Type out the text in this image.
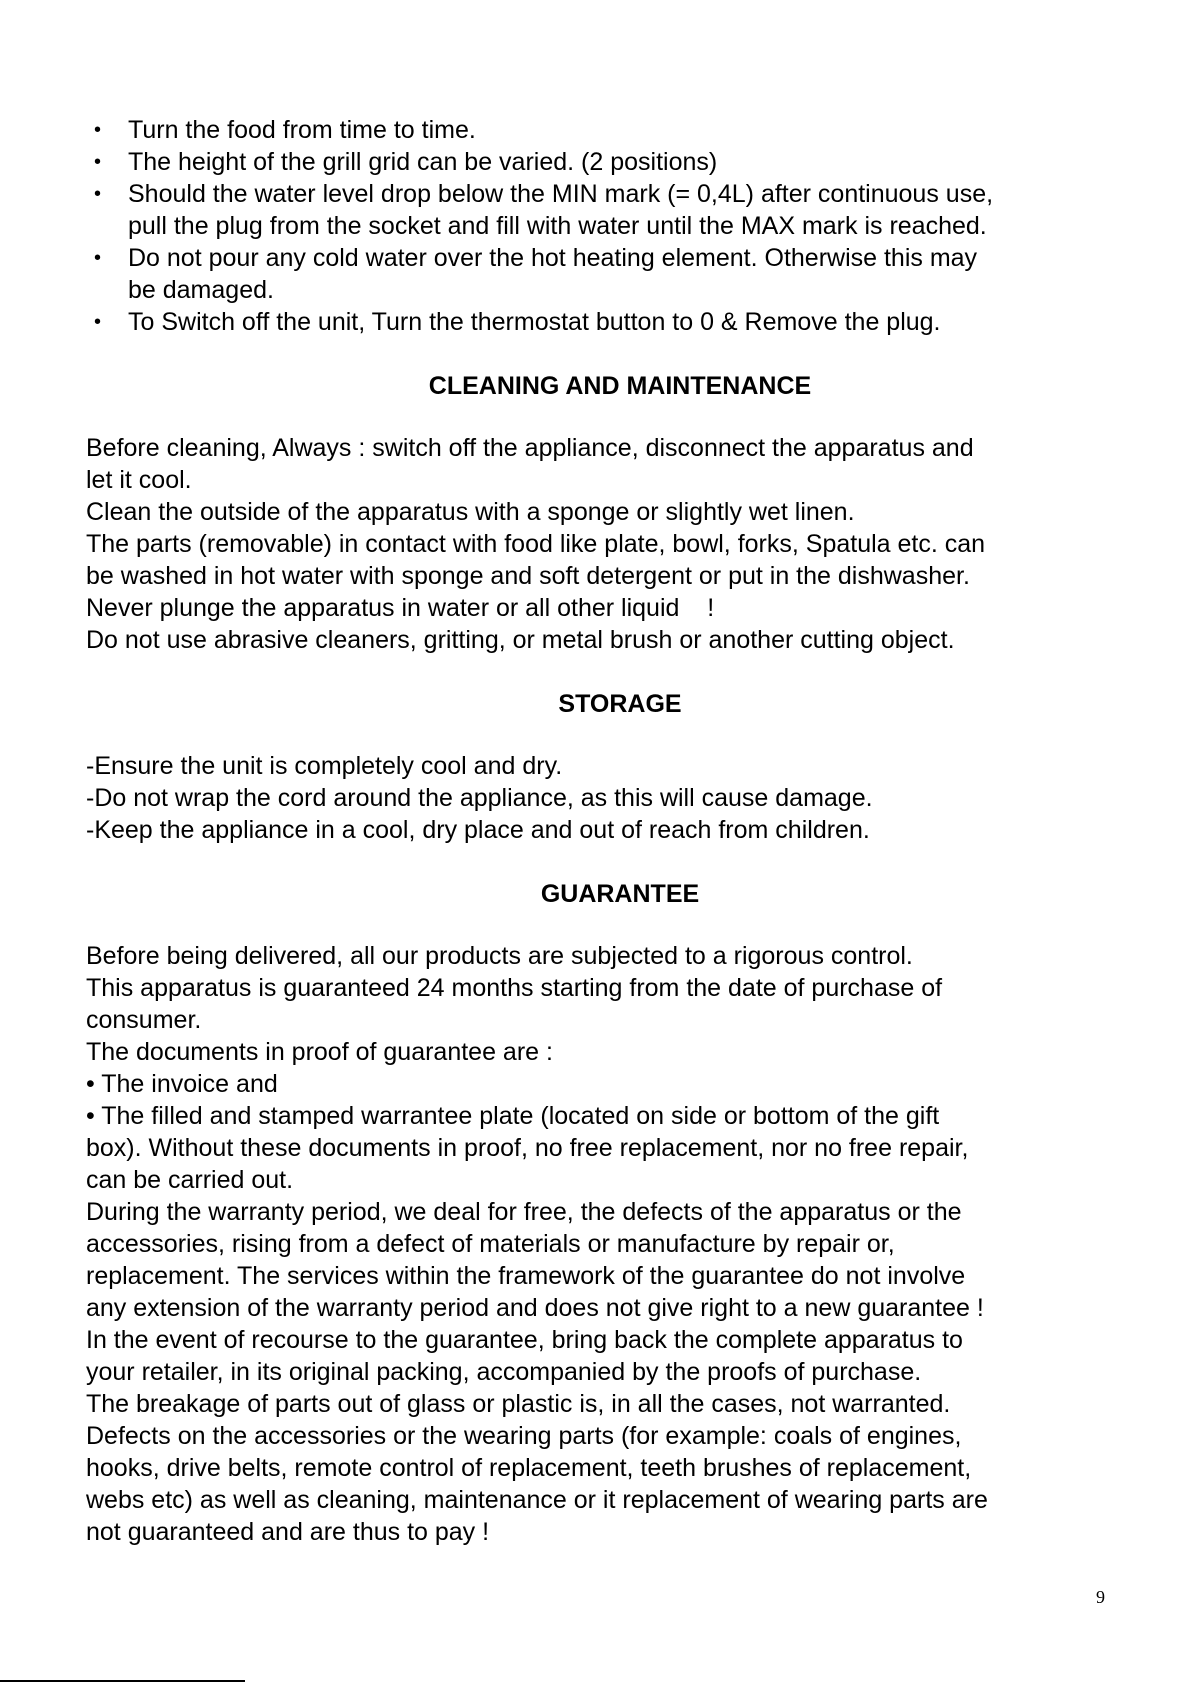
• Turn the food from time to time.
• The height of the grill grid can be varied. (2 positions)
• Should the water level drop below the MIN mark (= 0,4L) after continuous use,
pull the plug from the socket and fill with water until the MAX mark is reached.
• Do not pour any cold water over the hot heating element. Otherwise this may
be damaged.
• To Switch off the unit, Turn the thermostat button to 0 & Remove the plug.
CLEANING AND MAINTENANCE
Before cleaning, Always : switch off the appliance, disconnect the apparatus and
let it cool.
Clean the outside of the apparatus with a sponge or slightly wet linen.
The parts (removable) in contact with food like plate, bowl, forks, Spatula etc. can
be washed in hot water with sponge and soft detergent or put in the dishwasher.
Never plunge the apparatus in water or all other liquid    !
Do not use abrasive cleaners, gritting, or metal brush or another cutting object.
STORAGE
-Ensure the unit is completely cool and dry.
-Do not wrap the cord around the appliance, as this will cause damage.
-Keep the appliance in a cool, dry place and out of reach from children.
GUARANTEE
Before being delivered, all our products are subjected to a rigorous control.
This apparatus is guaranteed 24 months starting from the date of purchase of
consumer.
The documents in proof of guarantee are :
• The invoice and
• The filled and stamped warrantee plate (located on side or bottom of the gift
box). Without these documents in proof, no free replacement, nor no free repair,
can be carried out.
During the warranty period, we deal for free, the defects of the apparatus or the
accessories, rising from a defect of materials or manufacture by repair or,
replacement. The services within the framework of the guarantee do not involve
any extension of the warranty period and does not give right to a new guarantee !
In the event of recourse to the guarantee, bring back the complete apparatus to
your retailer, in its original packing, accompanied by the proofs of purchase.
The breakage of parts out of glass or plastic is, in all the cases, not warranted.
Defects on the accessories or the wearing parts (for example: coals of engines,
hooks, drive belts, remote control of replacement, teeth brushes of replacement,
webs etc) as well as cleaning, maintenance or it replacement of wearing parts are
not guaranteed and are thus to pay !
9
